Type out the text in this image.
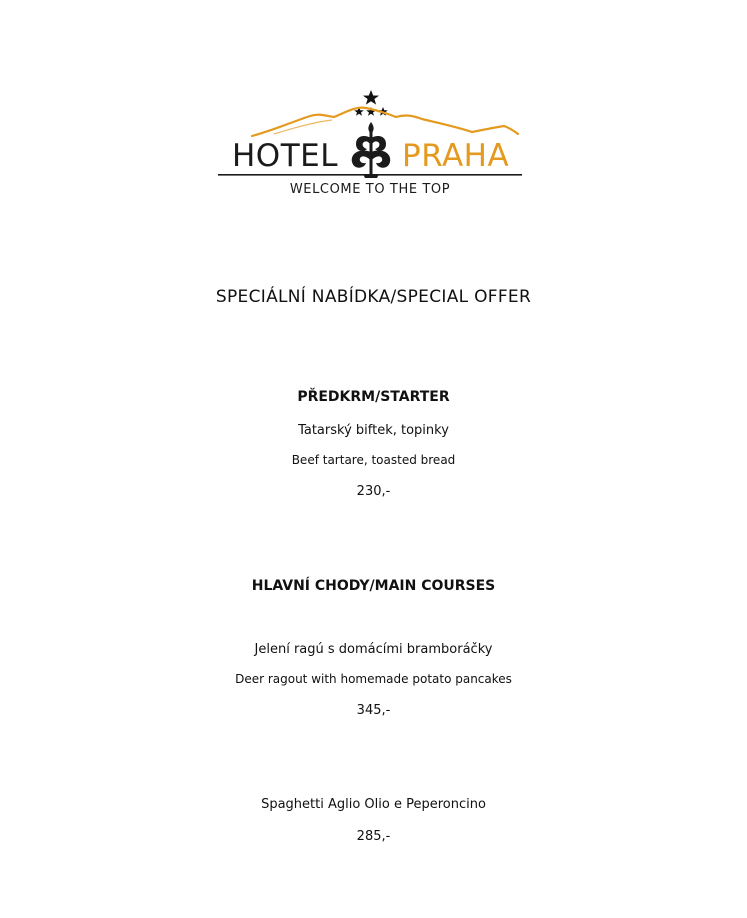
HOTEL PRAHA
WELCOME TO THE TOP
SPECIÁLNÍ NABÍDKA/SPECIAL OFFER
PŘEDKRM/STARTER
Tatarský biftek, topinky
Beef tartare, toasted bread
230,-
HLAVNÍ CHODY/MAIN COURSES
Jelení ragú s domácími bramboráčky
Deer ragout with homemade potato pancakes
345,-
Spaghetti Aglio Olio e Peperoncino
285,-
